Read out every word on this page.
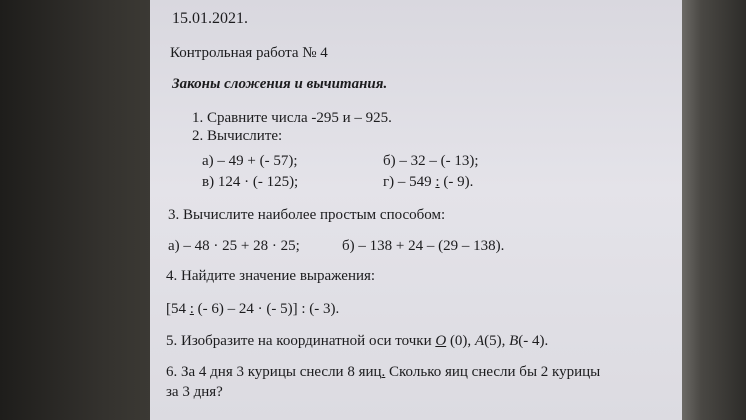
15.01.2021.
Контрольная работа № 4
Законы сложения и вычитания.
1. Сравните числа -295 и – 925.
2. Вычислите:
а) – 49 + (- 57);	б) – 32 – (- 13);
в) 124 · (- 125);	г) – 549 : (- 9).
3. Вычислите наиболее простым способом:
а) – 48 · 25 + 28 · 25;	б) – 138 + 24 – (29 – 138).
4. Найдите значение выражения:
[54 : (- 6) – 24 · (- 5)] : (- 3).
5. Изобразите на координатной оси точки O (0), A(5), B(- 4).
6. За 4 дня 3 курицы снесли 8 яиц. Сколько яиц снесли бы 2 курицы
за 3 дня?
